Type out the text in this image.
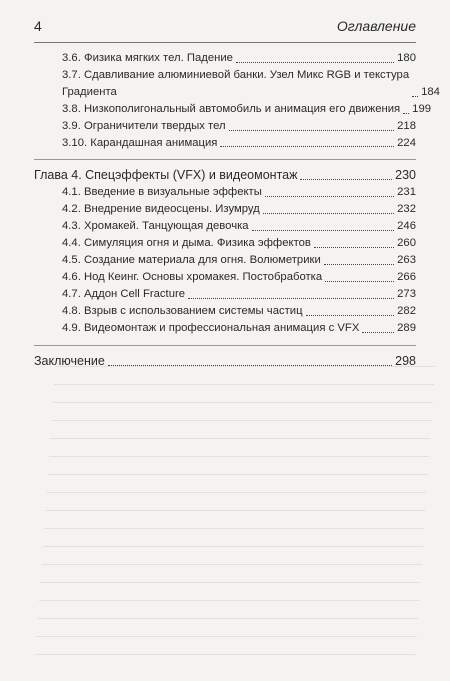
4	Оглавление
3.6. Физика мягких тел. Падение	180
3.7. Сдавливание алюминиевой банки. Узел Микс RGB и текстура
Градиента	184
3.8. Низкополигональный автомобиль и анимация его движения 199
3.9. Ограничители твердых тел	218
3.10. Карандашная анимация	224
Глава 4. Спецэффекты (VFX) и видеомонтаж	230
4.1. Введение в визуальные эффекты	231
4.2. Внедрение видеосцены. Изумруд	232
4.3. Хромакей. Танцующая девочка	246
4.4. Симуляция огня и дыма. Физика эффектов	260
4.5. Создание материала для огня. Волюметрики	263
4.6. Нод Кеинг. Основы хромакея. Постобработка	266
4.7. Аддон Cell Fracture	273
4.8. Взрыв с использованием системы частиц	282
4.9. Видеомонтаж и профессиональная анимация с VFX	289
Заключение	298
